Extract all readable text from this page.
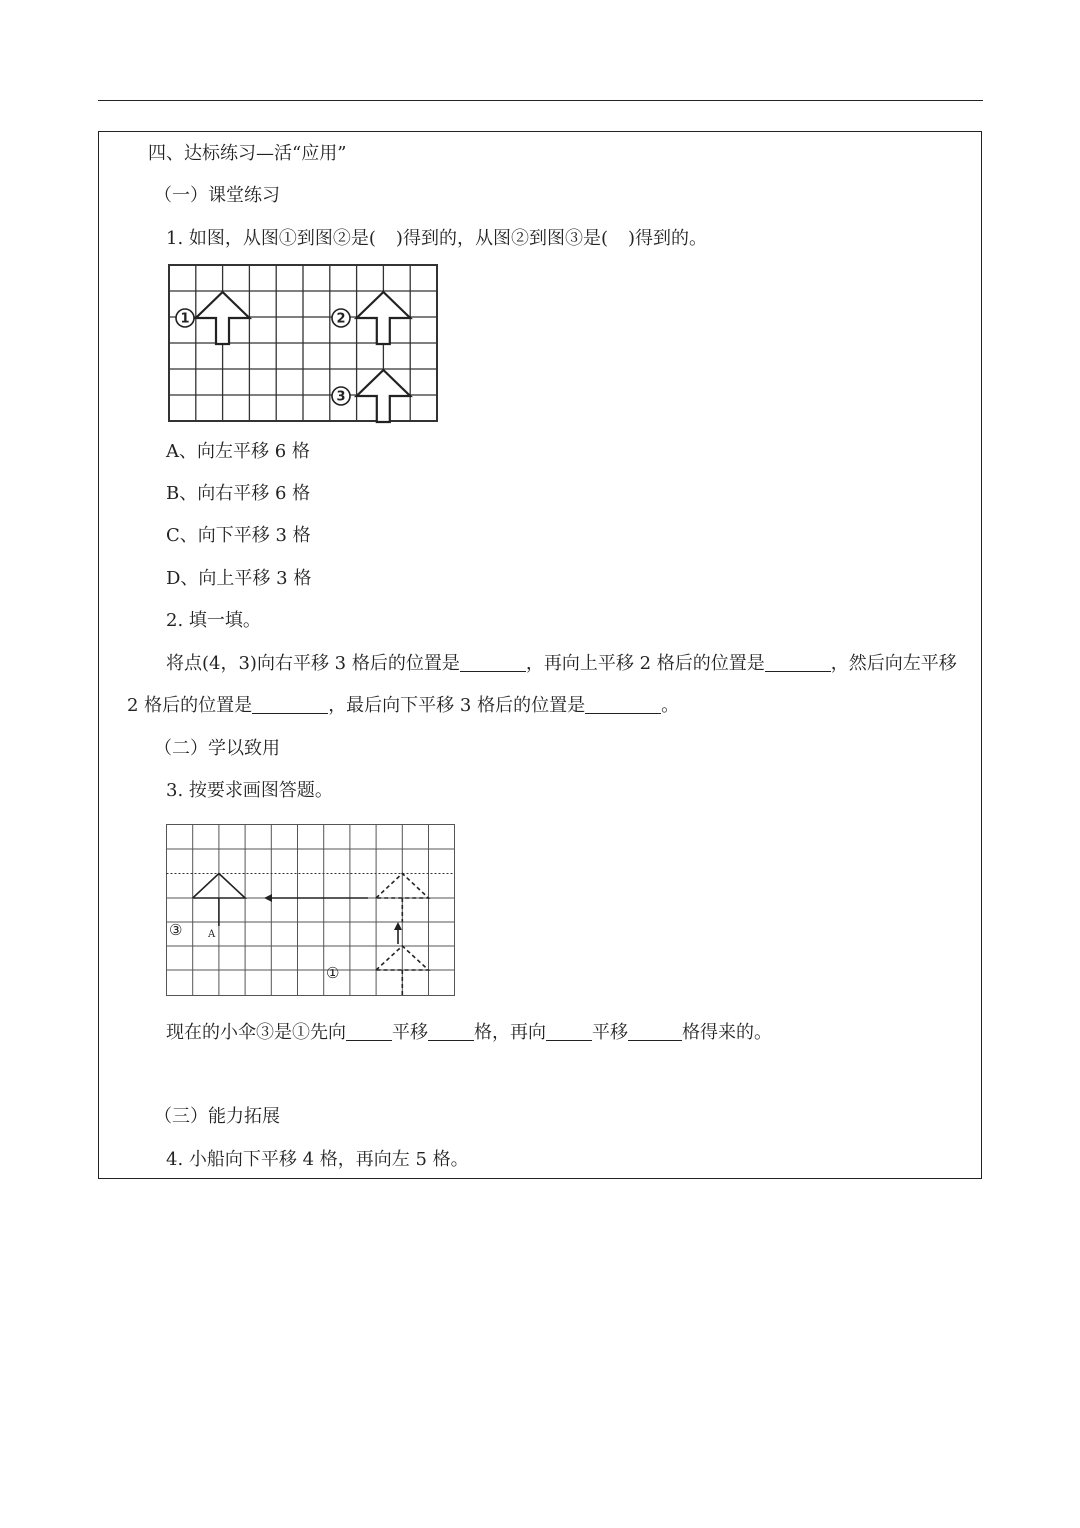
四、达标练习—活“应用”
（一）课堂练习
1. 如图，从图①到图②是( )得到的，从图②到图③是( )得到的。
1	2
3
A、向左平移 6 格
B、向右平移 6 格
C、向下平移 3 格
D、向上平移 3 格
2. 填一填。
将点(4，3)向右平移 3 格后的位置是	，再向上平移 2 格后的位置是	，然后向左平移
2 格后的位置是	，最后向下平移 3 格后的位置是	。
（二）学以致用
3. 按要求画图答题。
③	A
①
现在的小伞③是①先向	平移	格，再向	平移	格得来的。
（三）能力拓展
4. 小船向下平移 4 格，再向左 5 格。
